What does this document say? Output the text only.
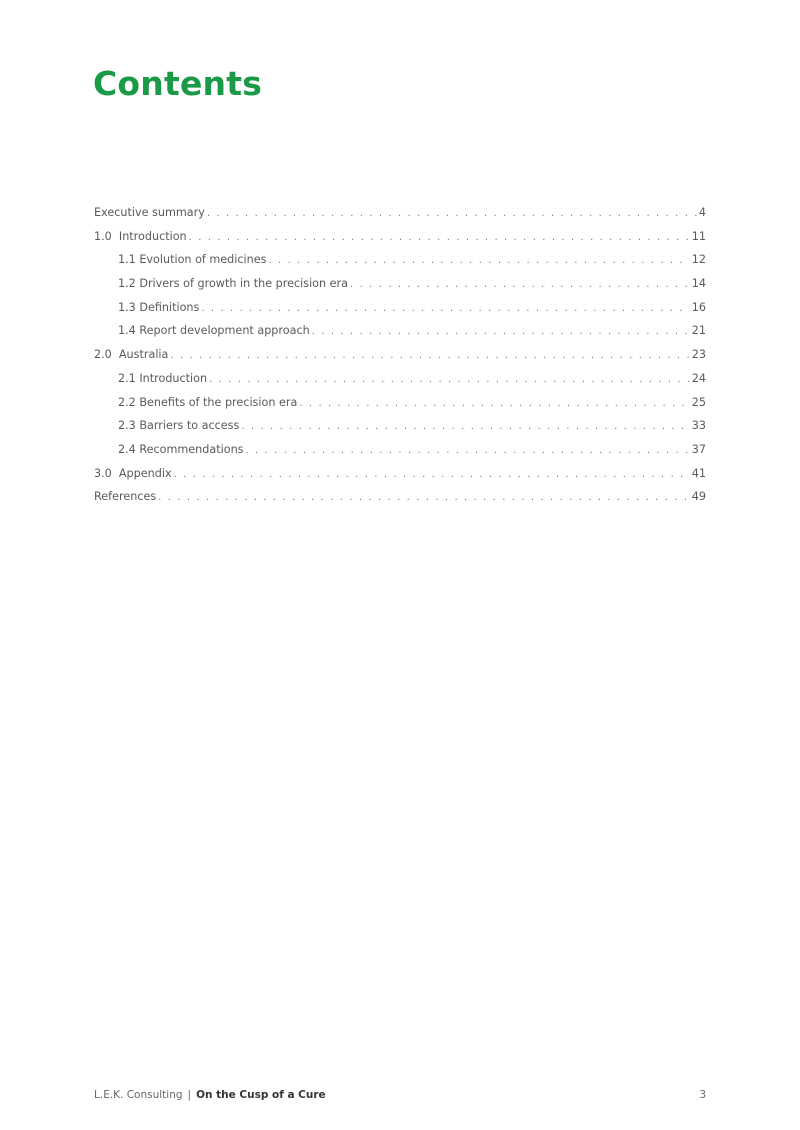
Contents
Executive summary . . .	4
1.0  Introduction . . .	11
1.1 Evolution of medicines . . .	12
1.2 Drivers of growth in the precision era . . .	14
1.3 Definitions . . .	16
1.4 Report development approach . . .	21
2.0  Australia . . .	23
2.1 Introduction . . .	24
2.2 Benefits of the precision era . . .	25
2.3 Barriers to access . . .	33
2.4 Recommendations . . .	37
3.0  Appendix . . .	41
References . . .	49
L.E.K. Consulting | On the Cusp of a Cure	3
